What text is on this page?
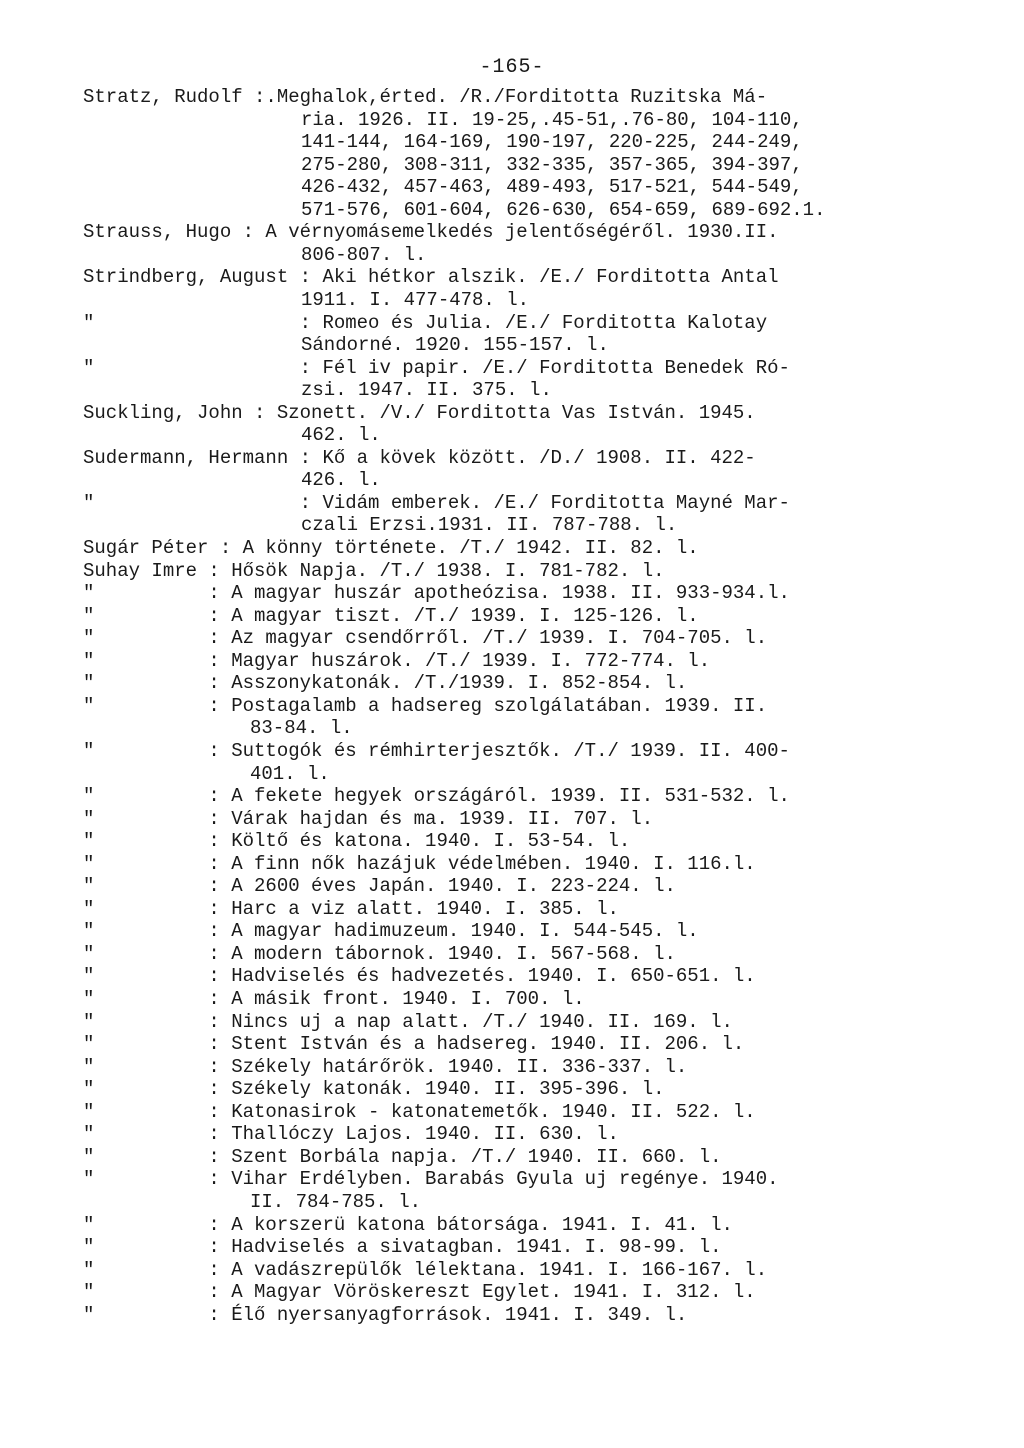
-165-
Stratz, Rudolf :.Meghalok,érted. /R./Forditotta Ruzitska Má-
ria. 1926. II. 19-25,.45-51,.76-80, 104-110,
141-144, 164-169, 190-197, 220-225, 244-249,
275-280, 308-311, 332-335, 357-365, 394-397,
426-432, 457-463, 489-493, 517-521, 544-549,
571-576, 601-604, 626-630, 654-659, 689-692.1.
Strauss, Hugo : A vérnyomásemelkedés jelentőségéről. 1930.II.
806-807. l.
Strindberg, August : Aki hétkor alszik. /E./ Forditotta Antal
1911. I. 477-478. l.
"                  : Romeo és Julia. /E./ Forditotta Kalotay
Sándorné. 1920. 155-157. l.
"                  : Fél iv papir. /E./ Forditotta Benedek Ró-
zsi. 1947. II. 375. l.
Suckling, John : Szonett. /V./ Forditotta Vas István. 1945.
462. l.
Sudermann, Hermann : Kő a kövek között. /D./ 1908. II. 422-
426. l.
"                  : Vidám emberek. /E./ Forditotta Mayné Mar-
czali Erzsi.1931. II. 787-788. l.
Sugár Péter : A könny története. /T./ 1942. II. 82. l.
Suhay Imre : Hősök Napja. /T./ 1938. I. 781-782. l.
"          : A magyar huszár apotheózisa. 1938. II. 933-934.l.
"          : A magyar tiszt. /T./ 1939. I. 125-126. l.
"          : Az magyar csendőrről. /T./ 1939. I. 704-705. l.
"          : Magyar huszárok. /T./ 1939. I. 772-774. l.
"          : Asszonykatonák. /T./1939. I. 852-854. l.
"          : Postagalamb a hadsereg szolgálatában. 1939. II.
83-84. l.
"          : Suttogók és rémhirterjesztők. /T./ 1939. II. 400-
401. l.
"          : A fekete hegyek országáról. 1939. II. 531-532. l.
"          : Várak hajdan és ma. 1939. II. 707. l.
"          : Költő és katona. 1940. I. 53-54. l.
"          : A finn nők hazájuk védelmében. 1940. I. 116.l.
"          : A 2600 éves Japán. 1940. I. 223-224. l.
"          : Harc a viz alatt. 1940. I. 385. l.
"          : A magyar hadimuzeum. 1940. I. 544-545. l.
"          : A modern tábornok. 1940. I. 567-568. l.
"          : Hadviselés és hadvezetés. 1940. I. 650-651. l.
"          : A másik front. 1940. I. 700. l.
"          : Nincs uj a nap alatt. /T./ 1940. II. 169. l.
"          : Stent István és a hadsereg. 1940. II. 206. l.
"          : Székely határőrök. 1940. II. 336-337. l.
"          : Székely katonák. 1940. II. 395-396. l.
"          : Katonasirok - katonatemetők. 1940. II. 522. l.
"          : Thallóczy Lajos. 1940. II. 630. l.
"          : Szent Borbála napja. /T./ 1940. II. 660. l.
"          : Vihar Erdélyben. Barabás Gyula uj regénye. 1940.
II. 784-785. l.
"          : A korszerü katona bátorsága. 1941. I. 41. l.
"          : Hadviselés a sivatagban. 1941. I. 98-99. l.
"          : A vadászrepülők lélektana. 1941. I. 166-167. l.
"          : A Magyar Vöröskereszt Egylet. 1941. I. 312. l.
"          : Élő nyersanyagforrások. 1941. I. 349. l.
